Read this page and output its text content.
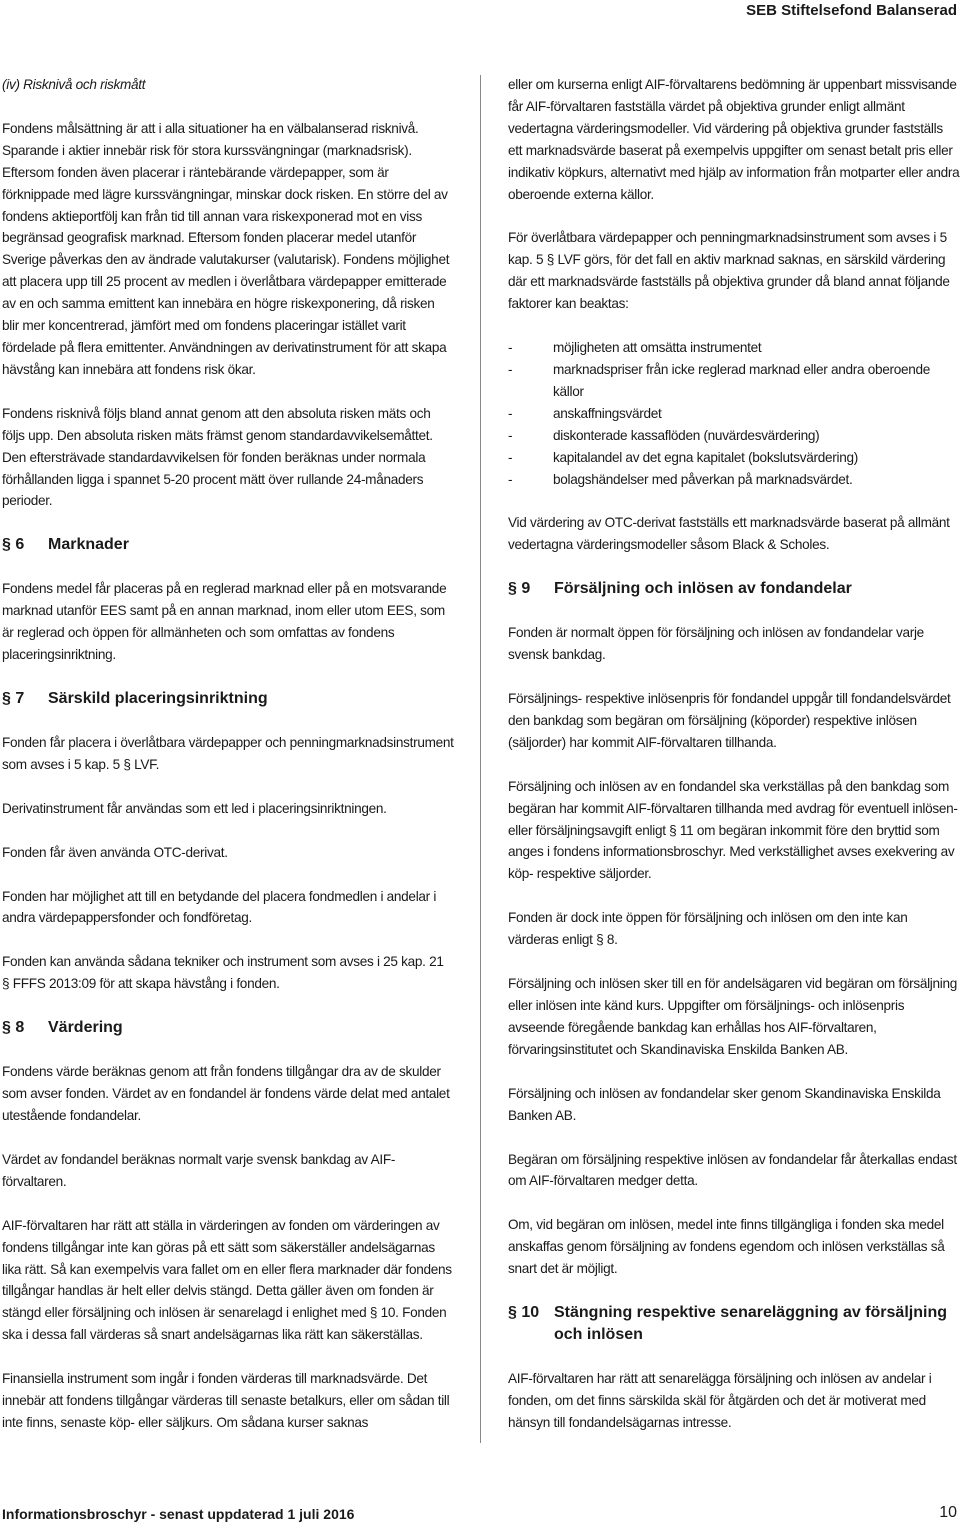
SEB Stiftelsefond Balanserad

(iv) Risknivå och riskmått

Fondens målsättning är att i alla situationer ha en välbalanserad risknivå. Sparande i aktier innebär risk för stora kurssvängningar (marknadsrisk). Eftersom fonden även placerar i räntebärande värdepapper, som är förknippade med lägre kurssvängningar, minskar dock risken. En större del av fondens aktieportfölj kan från tid till annan vara riskexponerad mot en viss begränsad geografisk marknad. Eftersom fonden placerar medel utanför Sverige påverkas den av ändrade valutakurser (valutarisk). Fondens möjlighet att placera upp till 25 procent av medlen i överlåtbara värdepapper emitterade av en och samma emittent kan innebära en högre riskexponering, då risken blir mer koncentrerad, jämfört med om fondens placeringar istället varit fördelade på flera emittenter. Användningen av derivatinstrument för att skapa hävstång kan innebära att fondens risk ökar.

Fondens risknivå följs bland annat genom att den absoluta risken mäts och följs upp. Den absoluta risken mäts främst genom standardavvikelsemåttet. Den eftersträvade standardavvikelsen för fonden beräknas under normala förhållanden ligga i spannet 5-20 procent mätt över rullande 24-månaders perioder.

§ 6	Marknader

Fondens medel får placeras på en reglerad marknad eller på en motsvarande marknad utanför EES samt på en annan marknad, inom eller utom EES, som är reglerad och öppen för allmänheten och som omfattas av fondens placeringsinriktning.

§ 7	Särskild placeringsinriktning

Fonden får placera i överlåtbara värdepapper och penningmarknadsinstrument som avses i 5 kap. 5 § LVF.

Derivatinstrument får användas som ett led i placeringsinriktningen.

Fonden får även använda OTC-derivat.

Fonden har möjlighet att till en betydande del placera fondmedlen i andelar i andra värdepappersfonder och fondföretag.

Fonden kan använda sådana tekniker och instrument som avses i 25 kap. 21 § FFFS 2013:09 för att skapa hävstång i fonden.

§ 8	Värdering

Fondens värde beräknas genom att från fondens tillgångar dra av de skulder som avser fonden. Värdet av en fondandel är fondens värde delat med antalet utestående fondandelar.

Värdet av fondandel beräknas normalt varje svensk bankdag av AIF-förvaltaren.

AIF-förvaltaren har rätt att ställa in värderingen av fonden om värderingen av fondens tillgångar inte kan göras på ett sätt som säkerställer andelsägarnas lika rätt. Så kan exempelvis vara fallet om en eller flera marknader där fondens tillgångar handlas är helt eller delvis stängd. Detta gäller även om fonden är stängd eller försäljning och inlösen är senarelagd i enlighet med § 10. Fonden ska i dessa fall värderas så snart andelsägarnas lika rätt kan säkerställas.

Finansiella instrument som ingår i fonden värderas till marknadsvärde. Det innebär att fondens tillgångar värderas till senaste betalkurs, eller om sådan till inte finns, senaste köp- eller säljkurs. Om sådana kurser saknas

eller om kurserna enligt AIF-förvaltarens bedömning är uppenbart missvisande får AIF-förvaltaren fastställa värdet på objektiva grunder enligt allmänt vedertagna värderingsmodeller. Vid värdering på objektiva grunder fastställs ett marknadsvärde baserat på exempelvis uppgifter om senast betalt pris eller indikativ köpkurs, alternativt med hjälp av information från motparter eller andra oberoende externa källor.

För överlåtbara värdepapper och penningmarknadsinstrument som avses i 5 kap. 5 § LVF görs, för det fall en aktiv marknad saknas, en särskild värdering där ett marknadsvärde fastställs på objektiva grunder då bland annat följande faktorer kan beaktas:

-	möjligheten att omsätta instrumentet
-	marknadspriser från icke reglerad marknad eller andra oberoende källor
-	anskaffningsvärdet
-	diskonterade kassaflöden (nuvärdesvärdering)
-	kapitalandel av det egna kapitalet (bokslutsvärdering)
-	bolagshändelser med påverkan på marknadsvärdet.

Vid värdering av OTC-derivat fastställs ett marknadsvärde baserat på allmänt vedertagna värderingsmodeller såsom Black & Scholes.

§ 9	Försäljning och inlösen av fondandelar

Fonden är normalt öppen för försäljning och inlösen av fondandelar varje svensk bankdag.

Försäljnings- respektive inlösenpris för fondandel uppgår till fondandelsvärdet den bankdag som begäran om försäljning (köporder) respektive inlösen (säljorder) har kommit AIF-förvaltaren tillhanda.

Försäljning och inlösen av en fondandel ska verkställas på den bankdag som begäran har kommit AIF-förvaltaren tillhanda med avdrag för eventuell inlösen- eller försäljningsavgift enligt § 11 om begäran inkommit före den bryttid som anges i fondens informationsbroschyr. Med verkställighet avses exekvering av köp- respektive säljorder.

Fonden är dock inte öppen för försäljning och inlösen om den inte kan värderas enligt § 8.

Försäljning och inlösen sker till en för andelsägaren vid begäran om försäljning eller inlösen inte känd kurs. Uppgifter om försäljnings- och inlösenpris avseende föregående bankdag kan erhållas hos AIF-förvaltaren, förvaringsinstitutet och Skandinaviska Enskilda Banken AB.

Försäljning och inlösen av fondandelar sker genom Skandinaviska Enskilda Banken AB.

Begäran om försäljning respektive inlösen av fondandelar får återkallas endast om AIF-förvaltaren medger detta.

Om, vid begäran om inlösen, medel inte finns tillgängliga i fonden ska medel anskaffas genom försäljning av fondens egendom och inlösen verkställas så snart det är möjligt.

§ 10 Stängning respektive senareläggning av försäljning och inlösen

AIF-förvaltaren har rätt att senarelägga försäljning och inlösen av andelar i fonden, om det finns särskilda skäl för åtgärden och det är motiverat med hänsyn till fondandelsägarnas intresse.

Informationsbroschyr - senast uppdaterad 1 juli 2016	10
